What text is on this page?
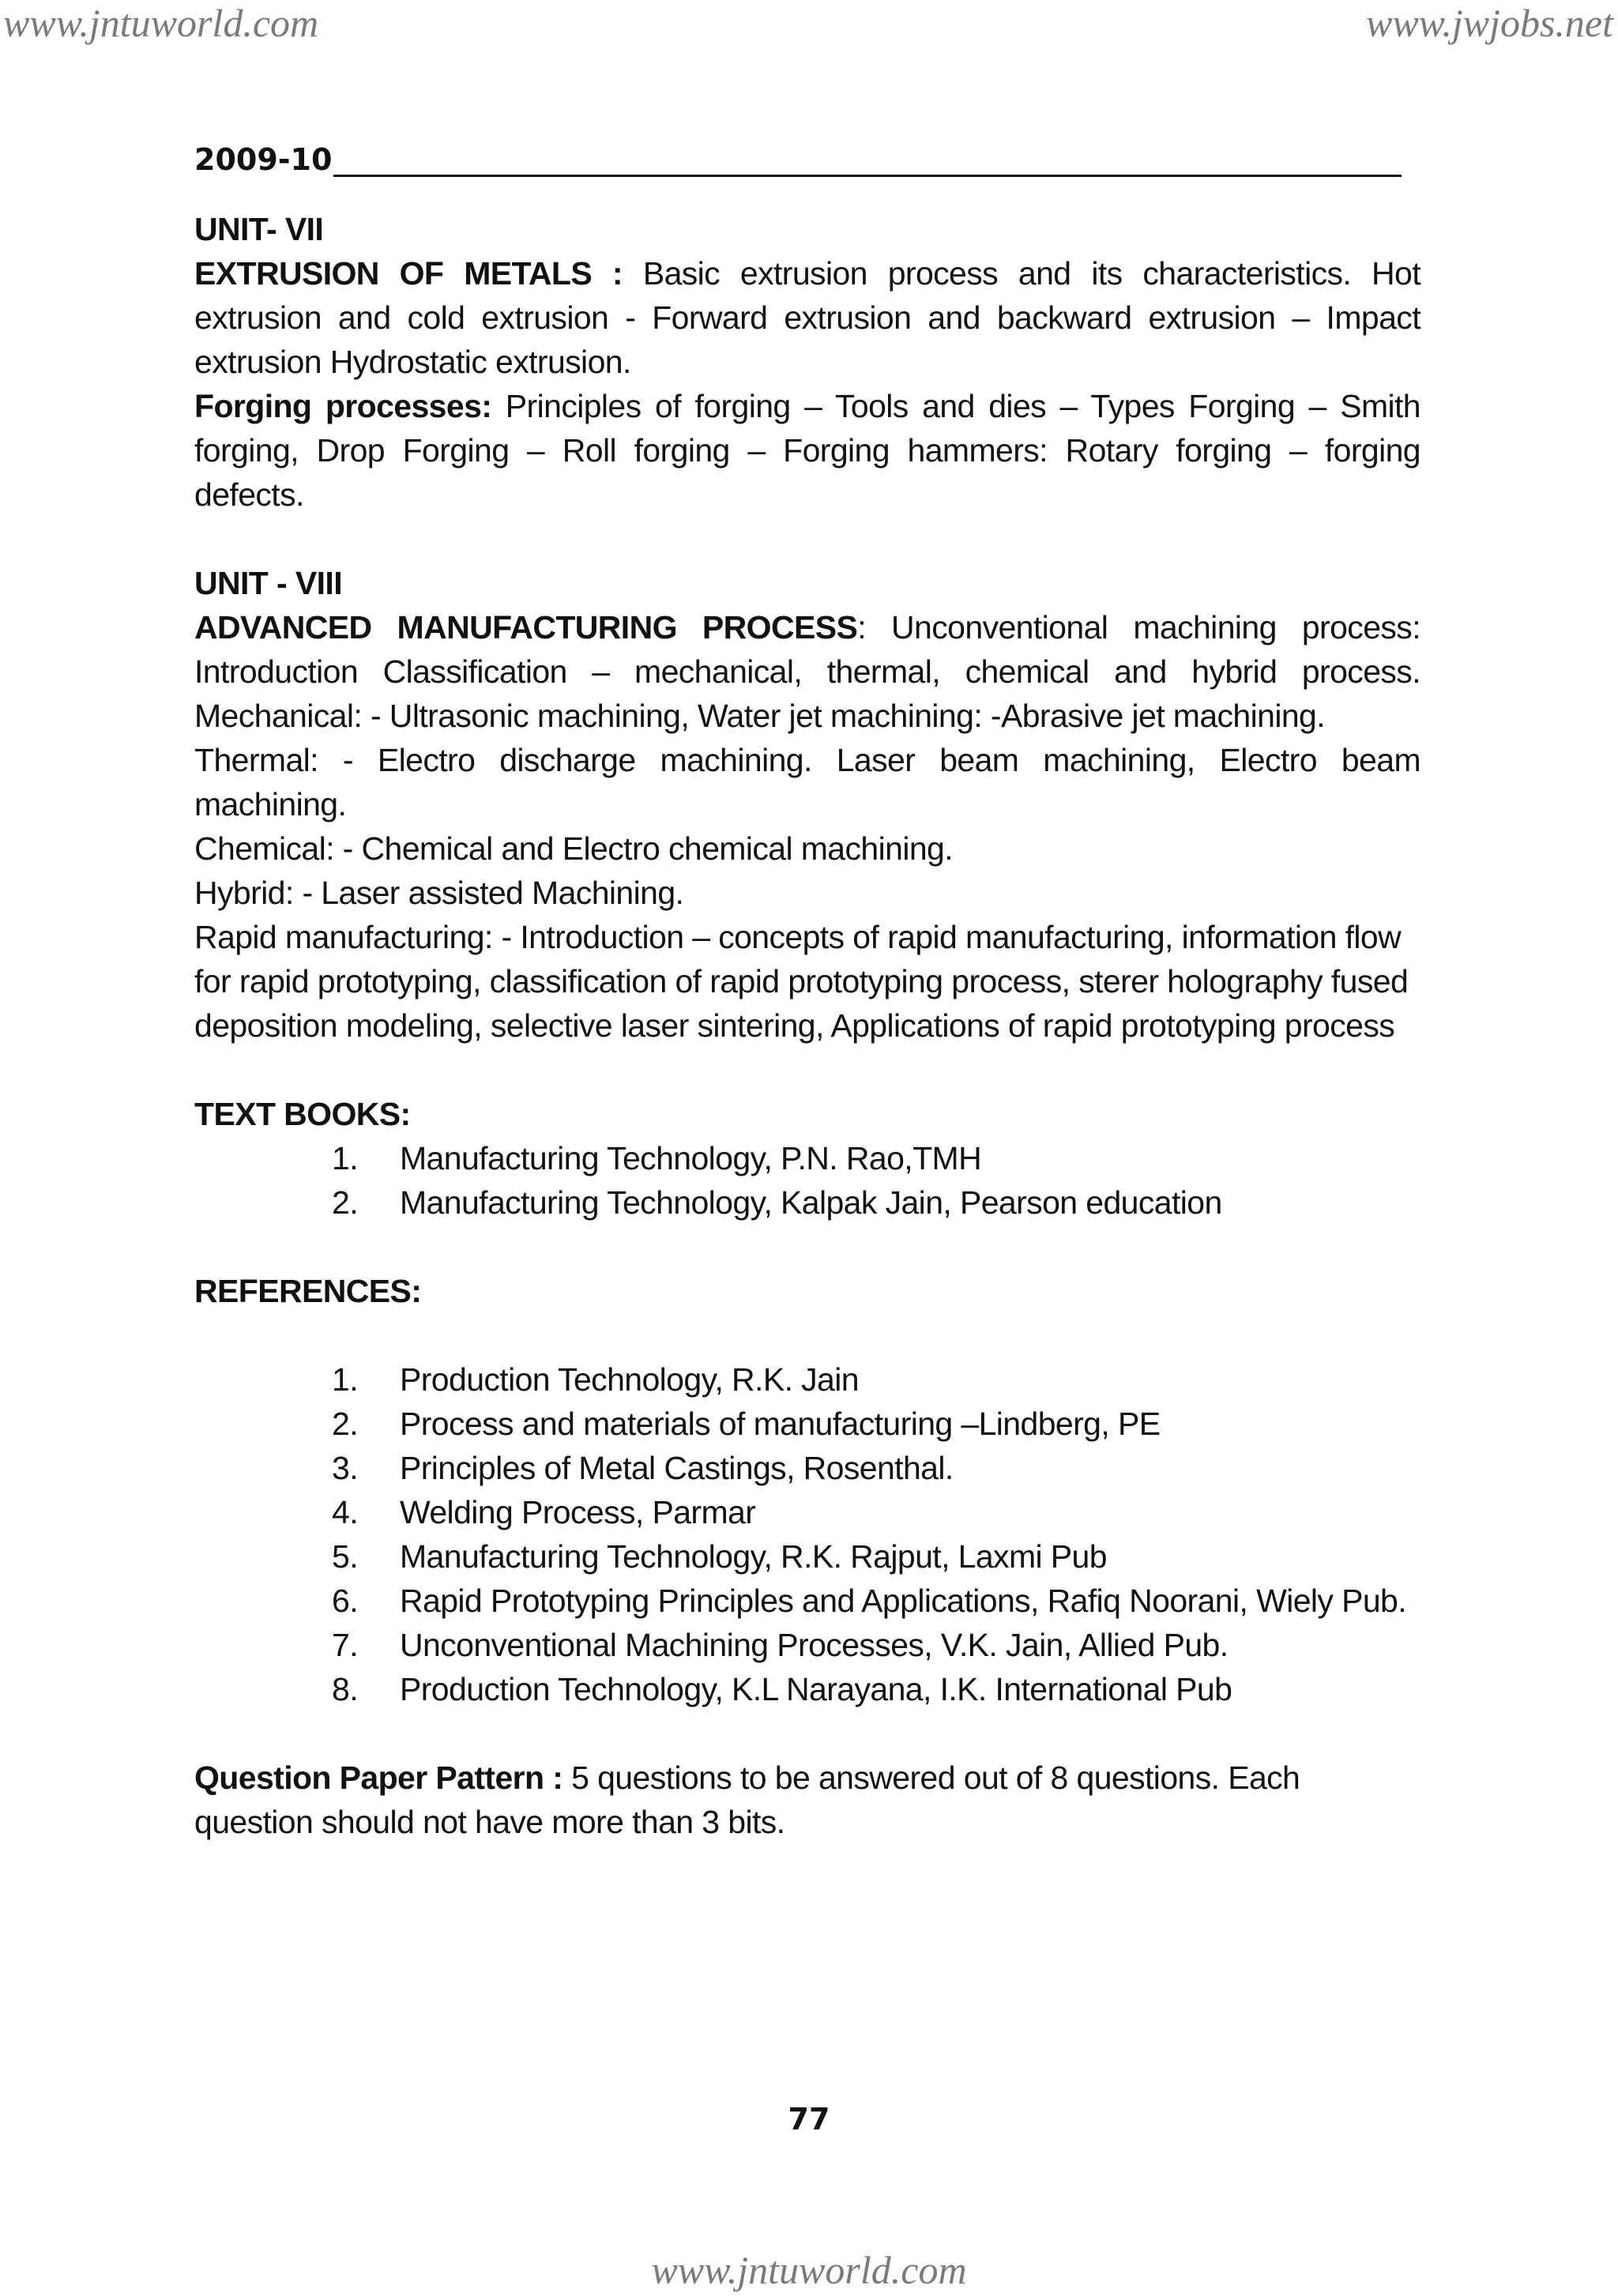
www.jntuworld.com	www.jwjobs.net
2009-10

UNIT- VII

EXTRUSION OF METALS : Basic extrusion process and its characteristics. Hot

extrusion and cold extrusion - Forward extrusion and backward extrusion – Impact

extrusion Hydrostatic extrusion.

Forging processes: Principles of forging – Tools and dies – Types Forging – Smith

forging, Drop Forging – Roll forging – Forging hammers: Rotary forging – forging

defects.

UNIT - VIII

ADVANCED MANUFACTURING PROCESS: Unconventional machining process:

Introduction Classification – mechanical, thermal, chemical and hybrid process.

Mechanical: - Ultrasonic machining, Water jet machining: -Abrasive jet machining.

Thermal: - Electro discharge machining. Laser beam machining, Electro beam

machining.

Chemical: - Chemical and Electro chemical machining.

Hybrid: - Laser assisted Machining.

Rapid manufacturing: - Introduction – concepts of rapid manufacturing, information flow

for rapid prototyping, classification of rapid prototyping process, sterer holography fused

deposition modeling, selective laser sintering, Applications of rapid prototyping process

TEXT BOOKS:

1.	Manufacturing Technology, P.N. Rao,TMH
2.	Manufacturing Technology, Kalpak Jain, Pearson education

REFERENCES:

1.	Production Technology, R.K. Jain
2.	Process and materials of manufacturing –Lindberg, PE
3.	Principles of Metal Castings, Rosenthal.
4.	Welding Process, Parmar
5.	Manufacturing Technology, R.K. Rajput, Laxmi Pub
6.	Rapid Prototyping Principles and Applications, Rafiq Noorani, Wiely Pub.
7.	Unconventional Machining Processes, V.K. Jain, Allied Pub.
8.	Production Technology, K.L Narayana, I.K. International Pub

Question Paper Pattern : 5 questions to be answered out of 8 questions. Each

question should not have more than 3 bits.

77
www.jntuworld.com
